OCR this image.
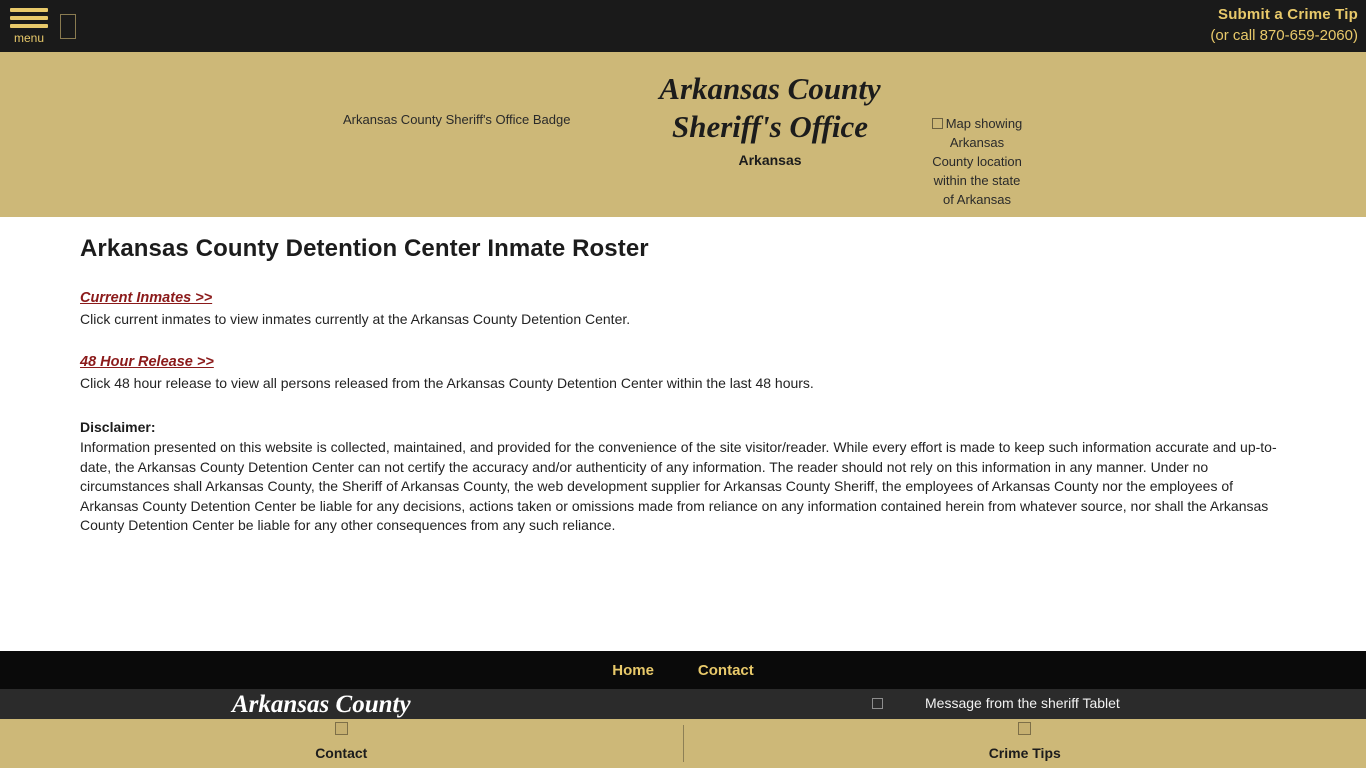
menu
Submit a Crime Tip
(or call 870-659-2060)
Arkansas County Sheriff's Office Badge
Arkansas County
Sheriff's Office
Arkansas
Map showing Arkansas County location within the state of Arkansas
Arkansas County Detention Center Inmate Roster
Current Inmates >>
Click current inmates to view inmates currently at the Arkansas County Detention Center.
48 Hour Release >>
Click 48 hour release to view all persons released from the Arkansas County Detention Center within the last 48 hours.
Disclaimer:
Information presented on this website is collected, maintained, and provided for the convenience of the site visitor/reader. While every effort is made to keep such information accurate and up-to-date, the Arkansas County Detention Center can not certify the accuracy and/or authenticity of any information. The reader should not rely on this information in any manner. Under no circumstances shall Arkansas County, the Sheriff of Arkansas County, the web development supplier for Arkansas County Sheriff, the employees of Arkansas County nor the employees of Arkansas County Detention Center be liable for any decisions, actions taken or omissions made from reliance on any information contained herein from whatever source, nor shall the Arkansas County Detention Center be liable for any other consequences from any such reliance.
Home	Contact
Arkansas County	Message from the sheriff Tablet
Contact	Crime Tips
